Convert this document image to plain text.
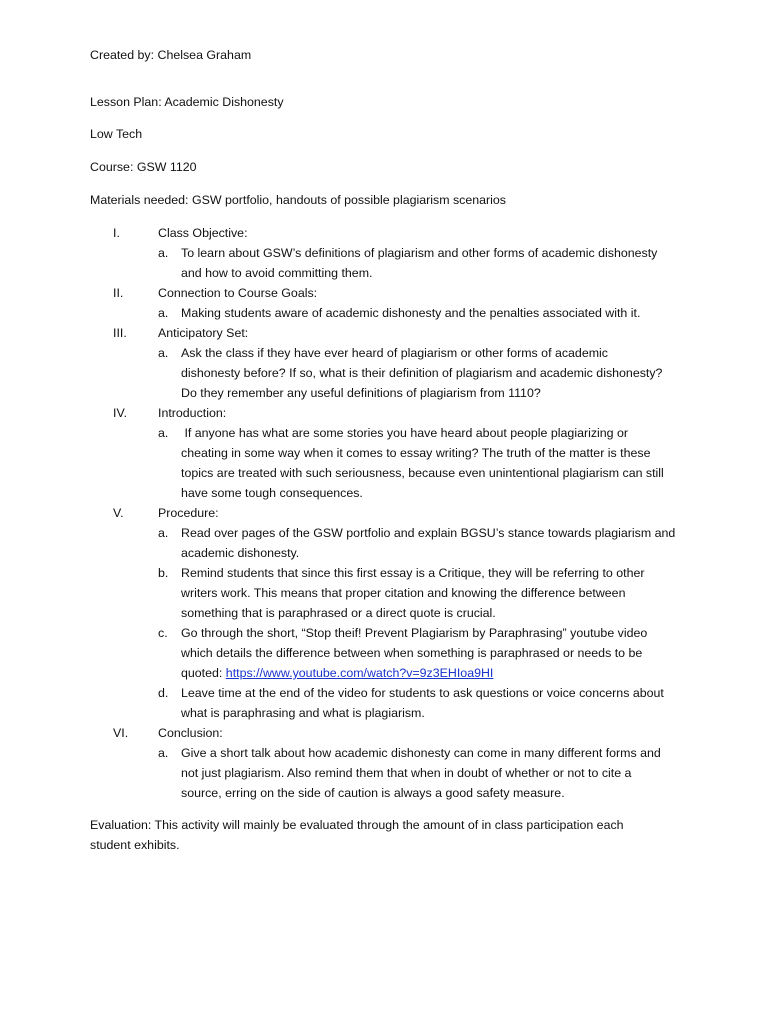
Created by: Chelsea Graham
Lesson Plan: Academic Dishonesty
Low Tech
Course: GSW 1120
Materials needed: GSW portfolio, handouts of possible plagiarism scenarios
I.	Class Objective:
a. To learn about GSW’s definitions of plagiarism and other forms of academic dishonesty
and how to avoid committing them.
II.	Connection to Course Goals:
a. Making students aware of academic dishonesty and the penalties associated with it.
III.	Anticipatory Set:
a. Ask the class if they have ever heard of plagiarism or other forms of academic
dishonesty before? If so, what is their definition of plagiarism and academic dishonesty?
Do they remember any useful definitions of plagiarism from 1110?
IV. Introduction:
a. If anyone has what are some stories you have heard about people plagiarizing or
cheating in some way when it comes to essay writing? The truth of the matter is these
topics are treated with such seriousness, because even unintentional plagiarism can still
have some tough consequences.
V.	Procedure:
a. Read over pages of the GSW portfolio and explain BGSU’s stance towards plagiarism and
academic dishonesty.
b. Remind students that since this first essay is a Critique, they will be referring to other
writers work. This means that proper citation and knowing the difference between
something that is paraphrased or a direct quote is crucial.
c. Go through the short, “Stop theif! Prevent Plagiarism by Paraphrasing” youtube video
which details the difference between when something is paraphrased or needs to be
quoted: https://www.youtube.com/watch?v=9z3EHIoa9HI
d. Leave time at the end of the video for students to ask questions or voice concerns about
what is paraphrasing and what is plagiarism.
VI. Conclusion:
a. Give a short talk about how academic dishonesty can come in many different forms and
not just plagiarism. Also remind them that when in doubt of whether or not to cite a
source, erring on the side of caution is always a good safety measure.
Evaluation: This activity will mainly be evaluated through the amount of in class participation each
student exhibits.
